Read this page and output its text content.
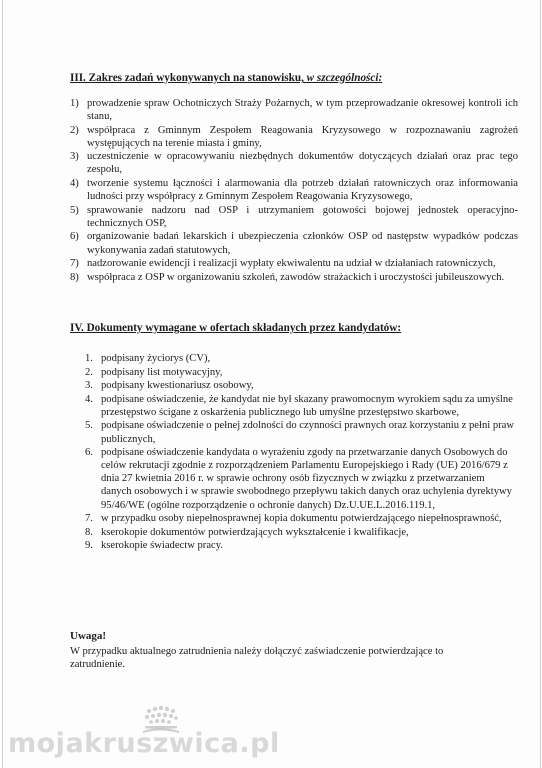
III. Zakres zadań wykonywanych na stanowisku, w szczególności:

1) prowadzenie spraw Ochotniczych Straży Pożarnych, w tym przeprowadzanie okresowej kontroli ich stanu,
2) współpraca z Gminnym Zespołem Reagowania Kryzysowego w rozpoznawaniu zagrożeń występujących na terenie miasta i gminy,
3) uczestniczenie w opracowywaniu niezbędnych dokumentów dotyczących działań oraz prac tego zespołu,
4) tworzenie systemu łączności i alarmowania dla potrzeb działań ratowniczych oraz informowania ludności przy współpracy z Gminnym Zespołem Reagowania Kryzysowego,
5) sprawowanie nadzoru nad OSP i utrzymaniem gotowości bojowej jednostek operacyjno-technicznych OSP,
6) organizowanie badań lekarskich i ubezpieczenia członków OSP od następstw wypadków podczas wykonywania zadań statutowych,
7) nadzorowanie ewidencji i realizacji wypłaty ekwiwalentu na udział w działaniach ratowniczych,
8) współpraca z OSP w organizowaniu szkoleń, zawodów strażackich i uroczystości jubileuszowych.

IV. Dokumenty wymagane w ofertach składanych przez kandydatów:

1. podpisany życiorys (CV),
2. podpisany list motywacyjny,
3. podpisany kwestionariusz osobowy,
4. podpisane oświadczenie, że kandydat nie był skazany prawomocnym wyrokiem sądu za umyślne przestępstwo ścigane z oskarżenia publicznego lub umyślne przestępstwo skarbowe,
5. podpisane oświadczenie o pełnej zdolności do czynności prawnych oraz korzystaniu z pełni praw publicznych,
6. podpisane oświadczenie kandydata o wyrażeniu zgody na przetwarzanie danych Osobowych do celów rekrutacji zgodnie z rozporządzeniem Parlamentu Europejskiego i Rady (UE) 2016/679 z dnia 27 kwietnia 2016 r. w sprawie ochrony osób fizycznych w związku z przetwarzaniem danych osobowych i w sprawie swobodnego przepływu takich danych oraz uchylenia dyrektywy 95/46/WE (ogólne rozporządzenie o ochronie danych) Dz.U.UE.L.2016.119.1,
7. w przypadku osoby niepełnosprawnej kopia dokumentu potwierdzającego niepełnosprawność,
8. kserokopie dokumentów potwierdzających wykształcenie i kwalifikacje,
9. kserokopie świadectw pracy.

Uwaga!

W przypadku aktualnego zatrudnienia należy dołączyć zaświadczenie potwierdzające to zatrudnienie.

mojakruszwica.pl
